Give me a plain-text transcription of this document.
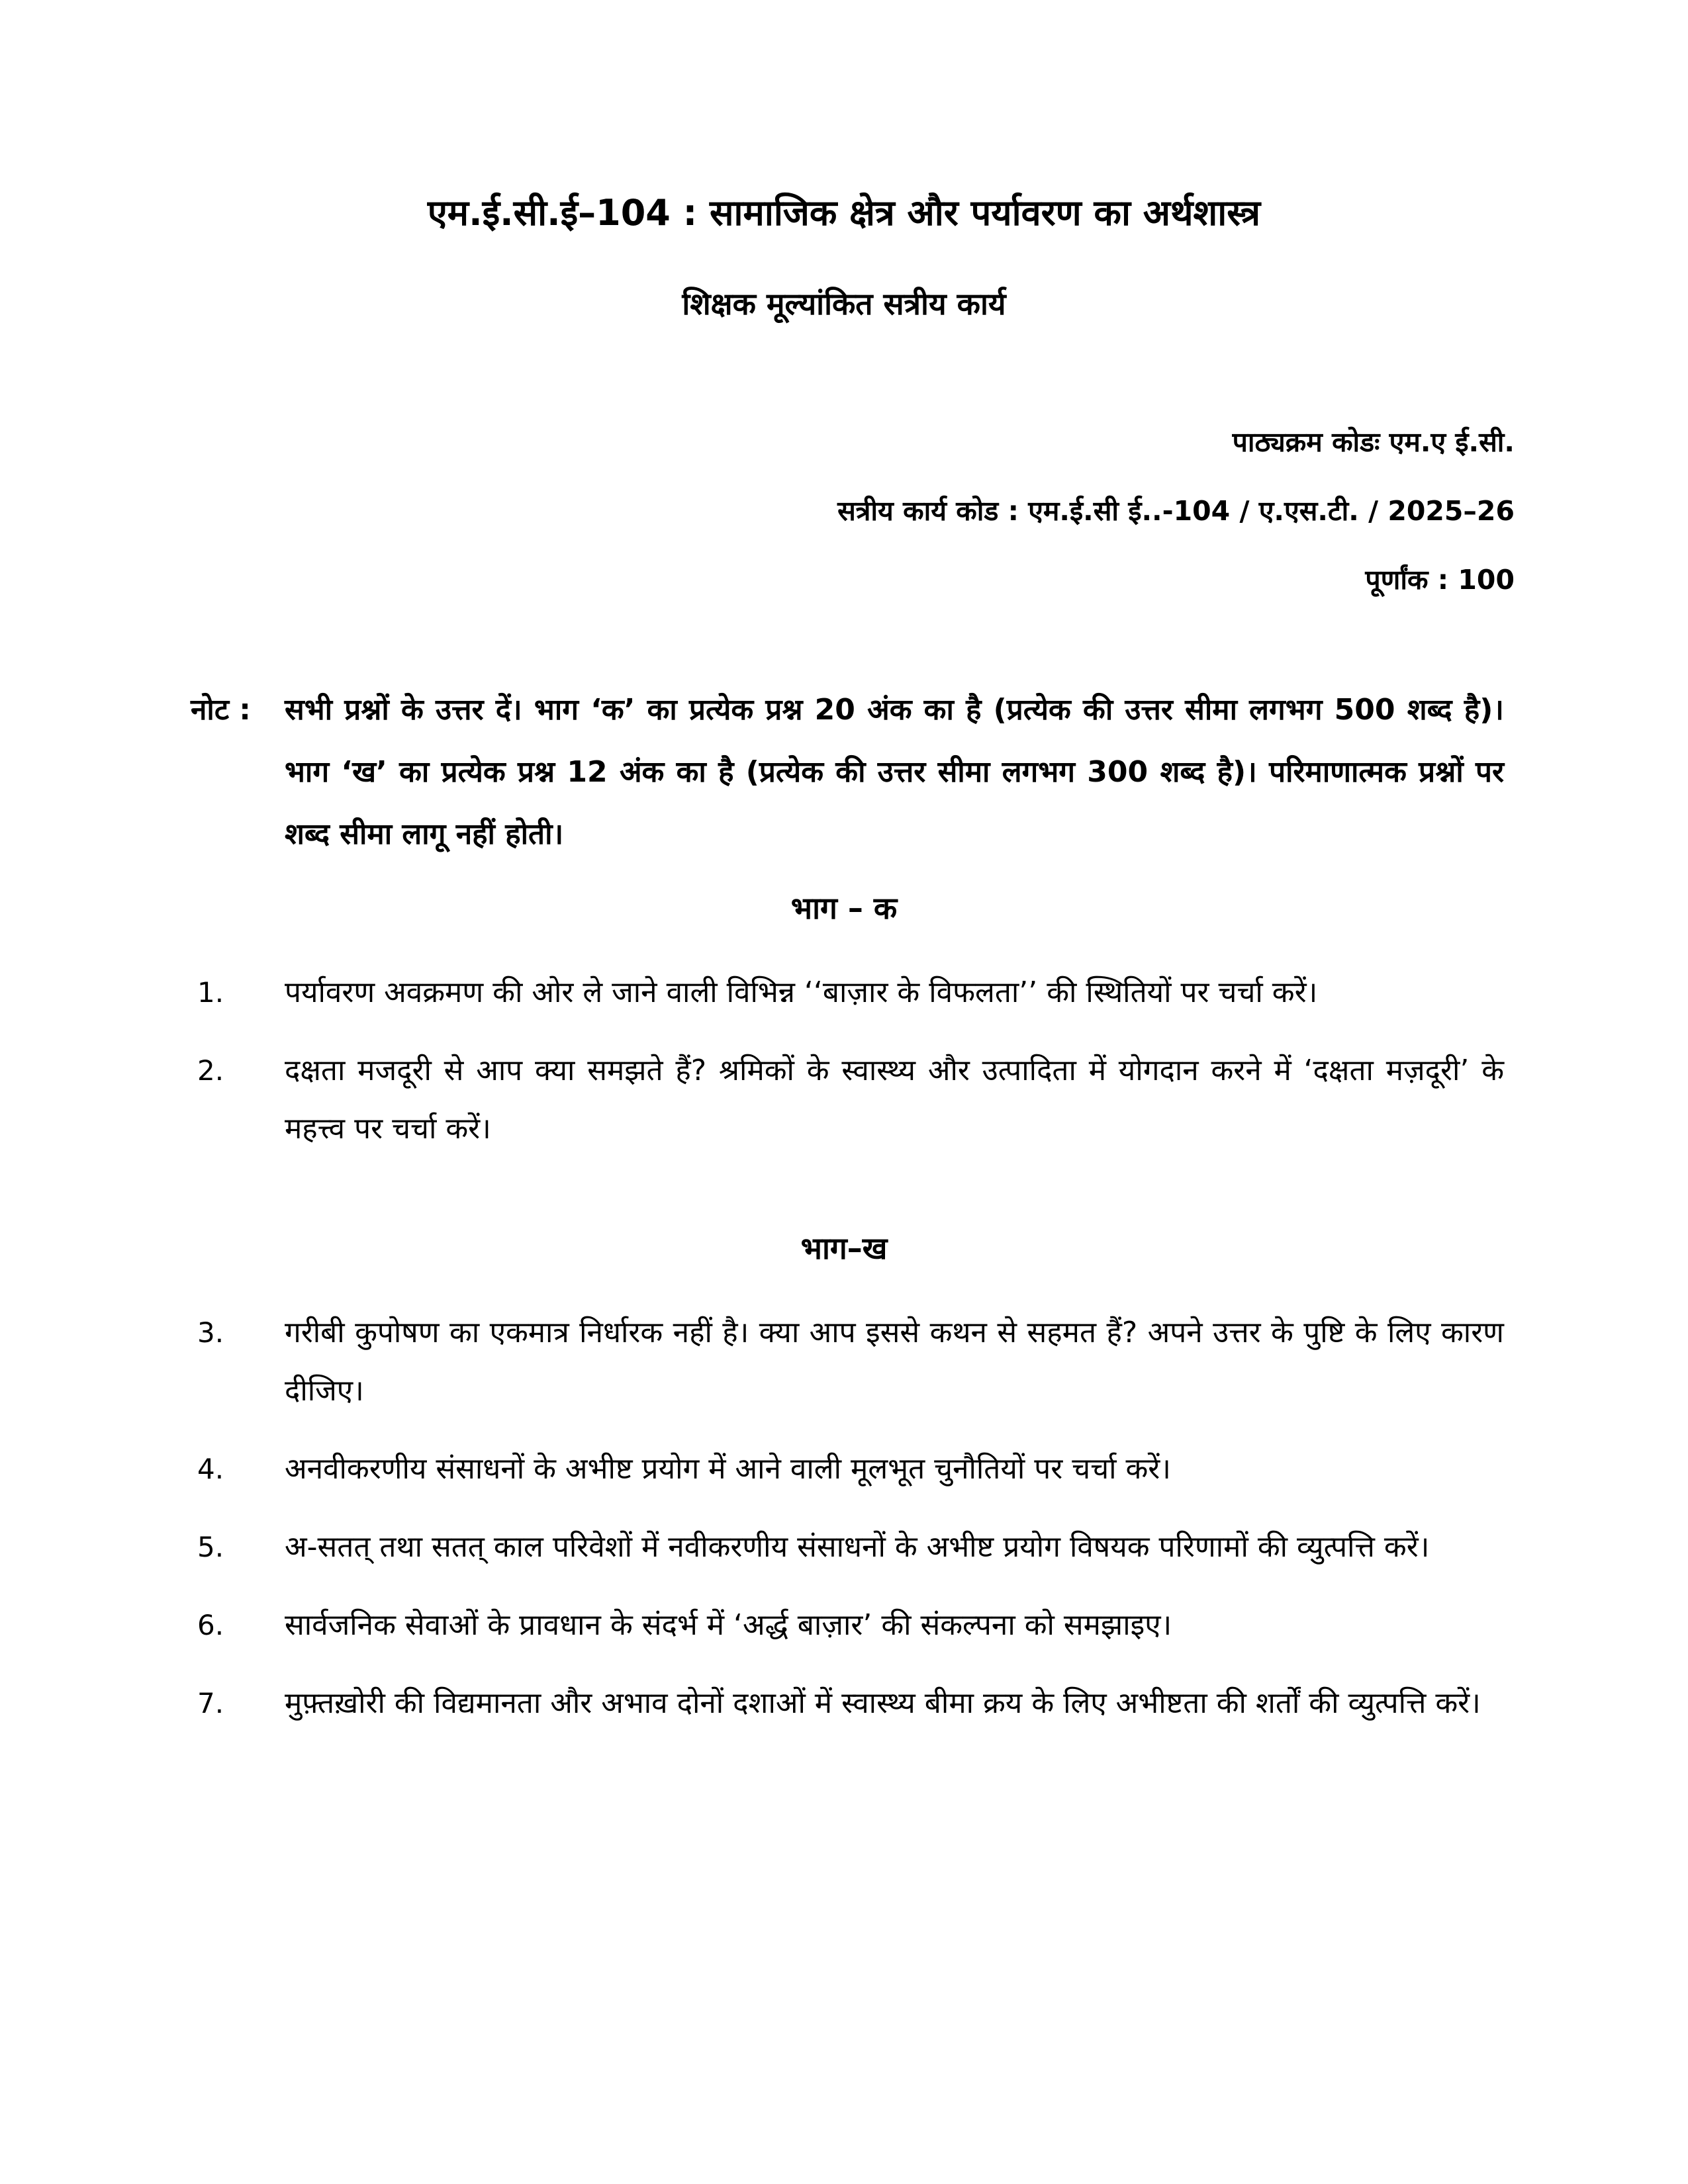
एम.ई.सी.ई–104 : सामाजिक क्षेत्र और पर्यावरण का अर्थशास्त्र
शिक्षक मूल्यांकित सत्रीय कार्य
पाठ्यक्रम कोडः एम.ए ई.सी.
सत्रीय कार्य कोड : एम.ई.सी ई..-104 / ए.एस.टी. / 2025–26
पूर्णांक : 100
नोट :	सभी प्रश्नों के उत्तर दें। भाग ‘क’ का प्रत्येक प्रश्न 20 अंक का है (प्रत्येक की उत्तर सीमा लगभग 500 शब्द है)। भाग ‘ख’ का प्रत्येक प्रश्न 12 अंक का है (प्रत्येक की उत्तर सीमा लगभग 300 शब्द है)। परिमाणात्मक प्रश्नों पर शब्द सीमा लागू नहीं होती।

भाग – क
1.	पर्यावरण अवक्रमण की ओर ले जाने वाली विभिन्न ‘‘बाज़ार के विफलता’’ की स्थितियों पर चर्चा करें।

2.	दक्षता मजदूरी से आप क्या समझते हैं? श्रमिकों के स्वास्थ्य और उत्पादिता में योगदान करने में ‘दक्षता मज़दूरी’ के महत्त्व पर चर्चा करें।

भाग–ख
3.	गरीबी कुपोषण का एकमात्र निर्धारक नहीं है। क्या आप इससे कथन से सहमत हैं? अपने उत्तर के पुष्टि के लिए कारण दीजिए।

4.	अनवीकरणीय संसाधनों के अभीष्ट प्रयोग में आने वाली मूलभूत चुनौतियों पर चर्चा करें।

5.	अ-सतत् तथा सतत् काल परिवेशों में नवीकरणीय संसाधनों के अभीष्ट प्रयोग विषयक परिणामों की व्युत्पत्ति करें।

6.	सार्वजनिक सेवाओं के प्रावधान के संदर्भ में ‘अर्द्ध बाज़ार’ की संकल्पना को समझाइए।

7.	मुफ़्तख़ोरी की विद्यमानता और अभाव दोनों दशाओं में स्वास्थ्य बीमा क्रय के लिए अभीष्टता की शर्तों की व्युत्पत्ति करें।
